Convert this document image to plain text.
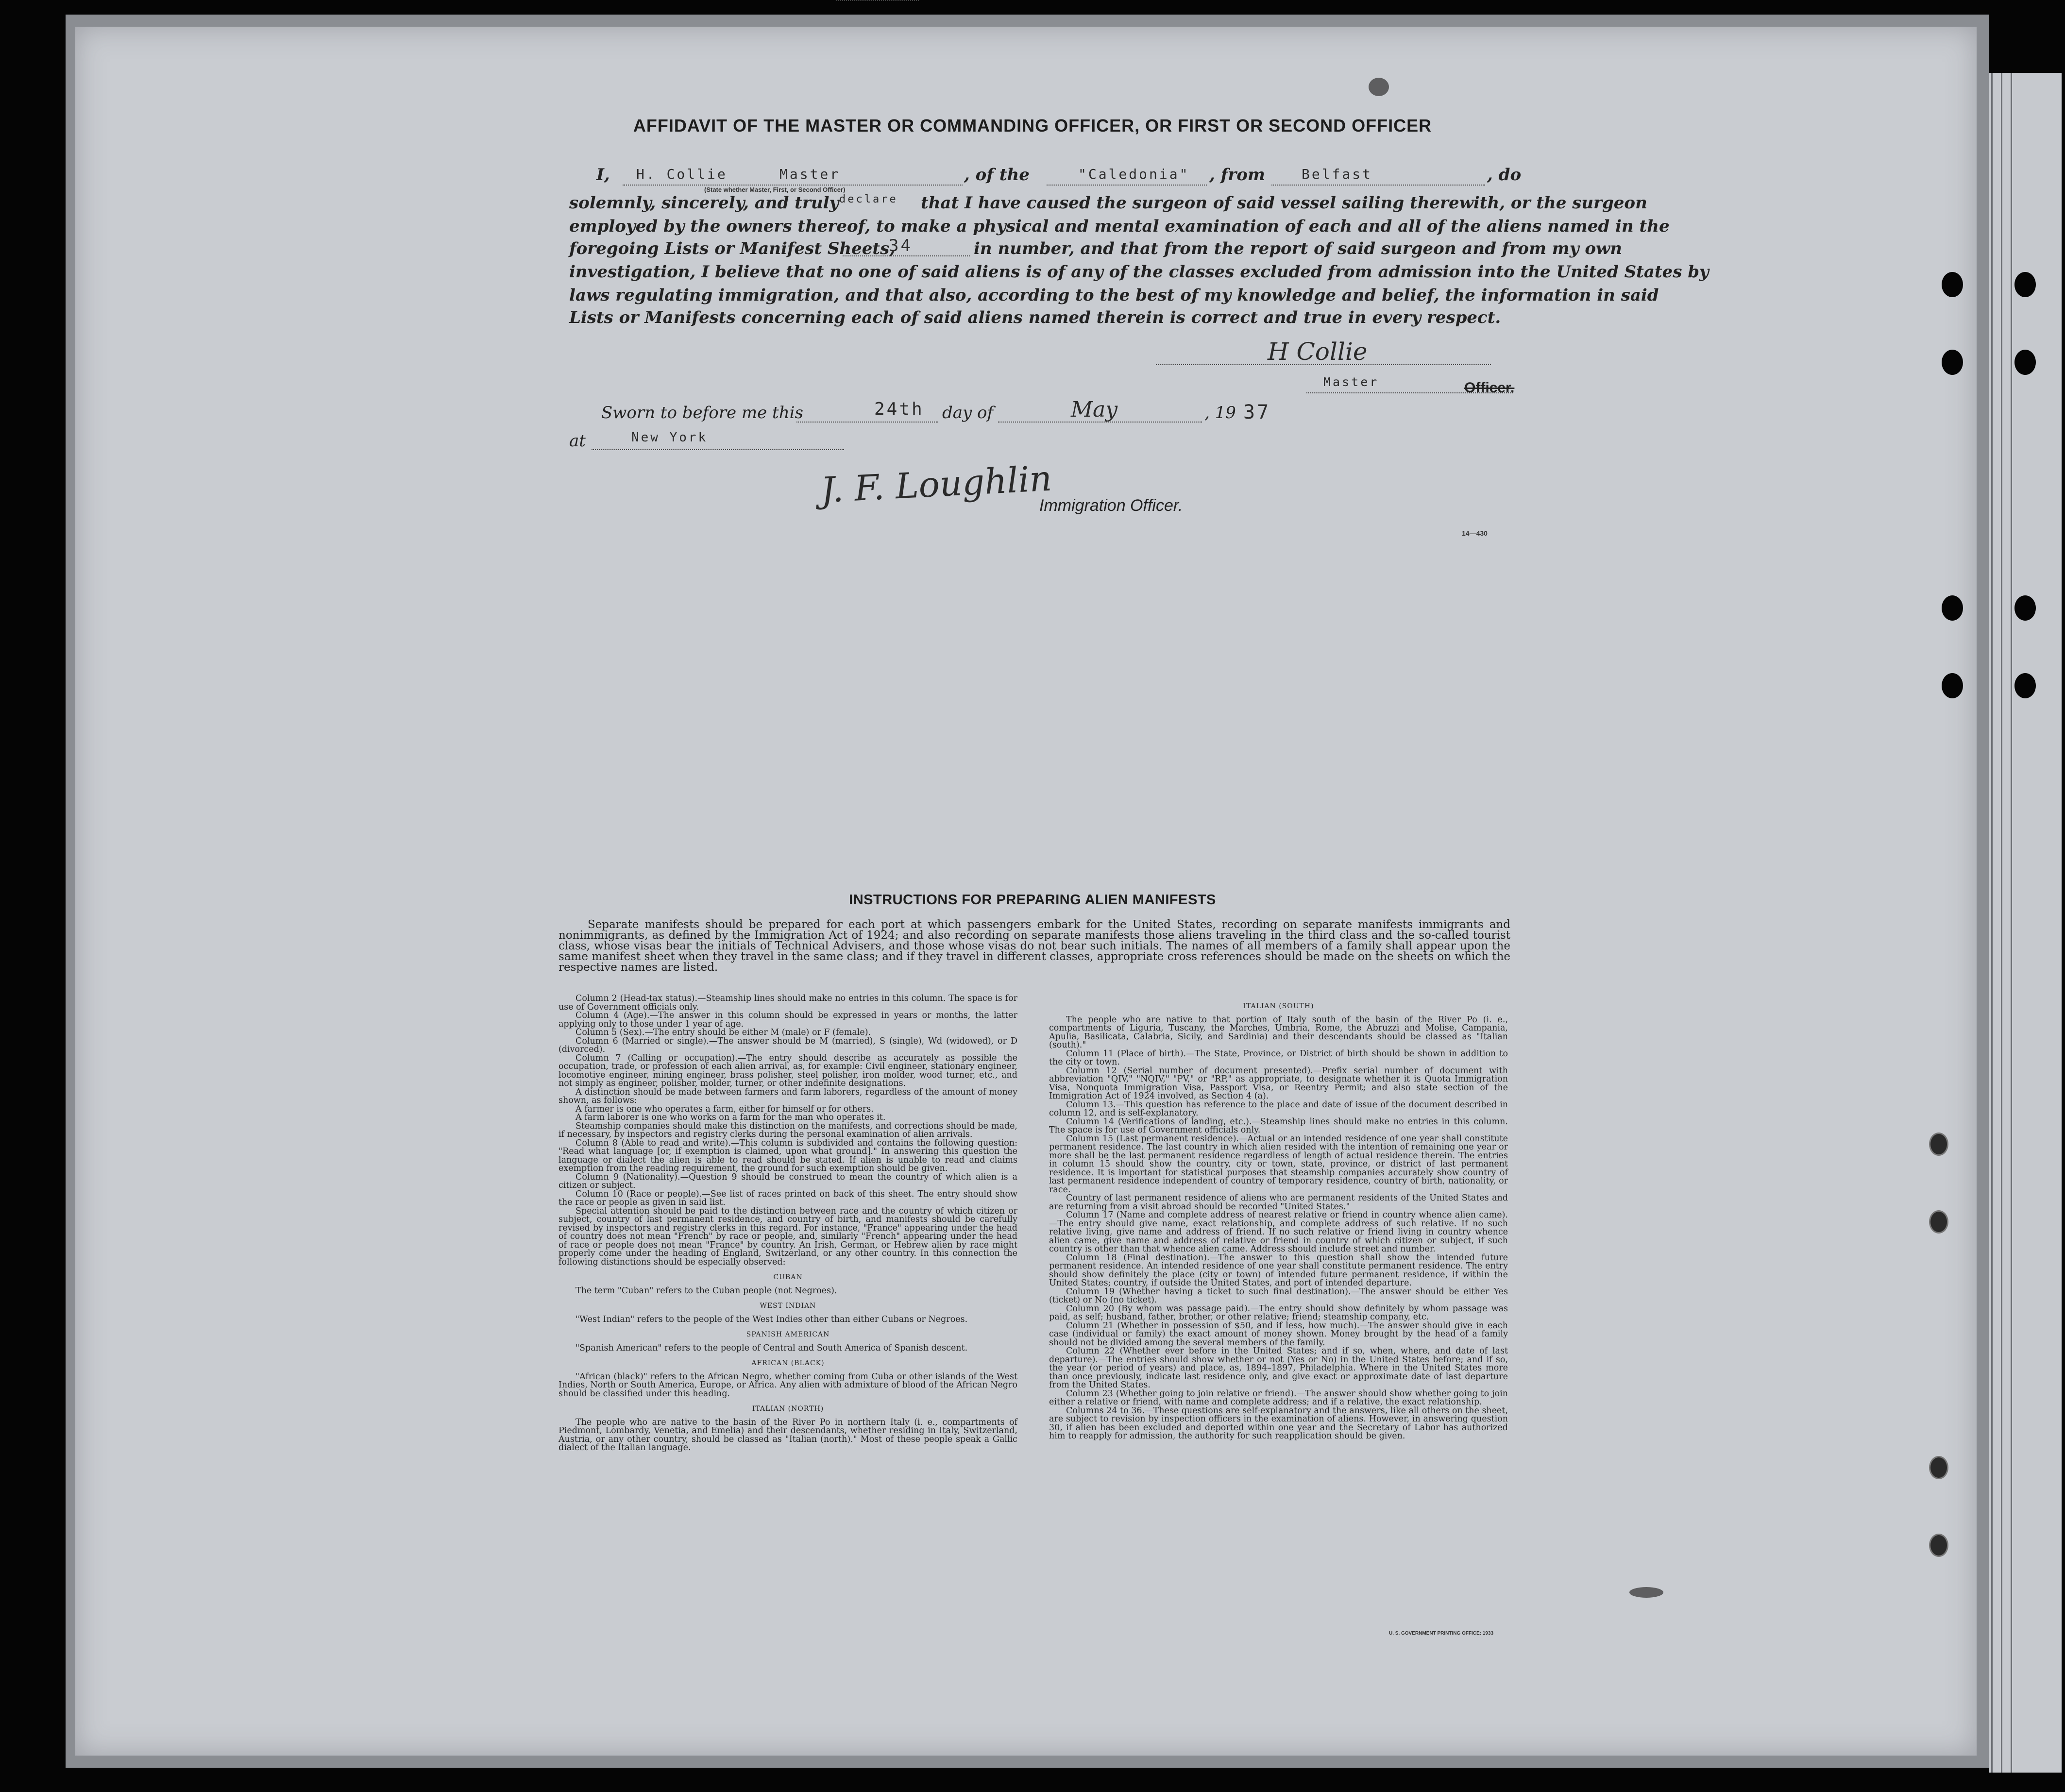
AFFIDAVIT OF THE MASTER OR COMMANDING OFFICER, OR FIRST OR SECOND OFFICER
I, H. Collie	Master
(State whether Master, First, or Second Officer)
, of the	"Caledonia" , from	Belfast	, do
solemnly, sincerely, and truly declare that I have caused the surgeon of said vessel sailing therewith, or the surgeon
employed by the owners thereof, to make a physical and mental examination of each and all of the aliens named in the
foregoing Lists or Manifest Sheets,
34	in number, and that from the report of said surgeon and from my own
investigation, I believe that no one of said aliens is of any of the classes excluded from admission into the United States by
laws regulating immigration, and that also, according to the best of my knowledge and belief, the information in said
Lists or Manifests concerning each of said aliens named therein is correct and true in every respect.
H Collie
Master	Officer.
Sworn to before me this	24th day of	May	, 19 37
at	New York
J. F. Loughlin
Immigration Officer.
14—430
INSTRUCTIONS FOR PREPARING ALIEN MANIFESTS
Separate manifests should be prepared for each port at which passengers embark for the United States, recording on separate manifests immigrants and nonimmigrants, as defined by the Immigration Act of 1924; and also recording on separate manifests those aliens traveling in the third class and the so-called tourist class, whose visas bear the initials of Technical Advisers, and those whose visas do not bear such initials. The names of all members of a family shall appear upon the same manifest sheet when they travel in the same class; and if they travel in different classes, appropriate cross references should be made on the sheets on which the respective names are listed.

Column 2 (Head-tax status).—Steamship lines should make no entries in this column. The space is for use of Government officials only.

Column 4 (Age).—The answer in this column should be expressed in years or months, the latter applying only to those under 1 year of age.

Column 5 (Sex).—The entry should be either M (male) or F (female).

Column 6 (Married or single).—The answer should be M (married), S (single), Wd (widowed), or D (divorced).

Column 7 (Calling or occupation).—The entry should describe as accurately as possible the occupation, trade, or profession of each alien arrival, as, for example: Civil engineer, stationary engineer, locomotive engineer, mining engineer, brass polisher, steel polisher, iron molder, wood turner, etc., and not simply as engineer, polisher, molder, turner, or other indefinite designations.

A distinction should be made between farmers and farm laborers, regardless of the amount of money shown, as follows:

A farmer is one who operates a farm, either for himself or for others.

A farm laborer is one who works on a farm for the man who operates it.

Steamship companies should make this distinction on the manifests, and corrections should be made, if necessary, by inspectors and registry clerks during the personal examination of alien arrivals.

Column 8 (Able to read and write).—This column is subdivided and contains the following question: "Read what language [or, if exemption is claimed, upon what ground]." In answering this question the language or dialect the alien is able to read should be stated. If alien is unable to read and claims exemption from the reading requirement, the ground for such exemption should be given.

Column 9 (Nationality).—Question 9 should be construed to mean the country of which alien is a citizen or subject.

Column 10 (Race or people).—See list of races printed on back of this sheet. The entry should show the race or people as given in said list.

Special attention should be paid to the distinction between race and the country of which citizen or subject, country of last permanent residence, and country of birth, and manifests should be carefully revised by inspectors and registry clerks in this regard. For instance, "France" appearing under the head of country does not mean "French" by race or people, and, similarly "French" appearing under the head of race or people does not mean "France" by country. An Irish, German, or Hebrew alien by race might properly come under the heading of England, Switzerland, or any other country. In this connection the following distinctions should be especially observed:

CUBAN

The term "Cuban" refers to the Cuban people (not Negroes).

WEST INDIAN

"West Indian" refers to the people of the West Indies other than either Cubans or Negroes.

SPANISH AMERICAN

"Spanish American" refers to the people of Central and South America of Spanish descent.

AFRICAN (BLACK)

"African (black)" refers to the African Negro, whether coming from Cuba or other islands of the West Indies, North or South America, Europe, or Africa. Any alien with admixture of blood of the African Negro should be classified under this heading.

ITALIAN (NORTH)

The people who are native to the basin of the River Po in northern Italy (i. e., compartments of Piedmont, Lombardy, Venetia, and Emelia) and their descendants, whether residing in Italy, Switzerland, Austria, or any other country, should be classed as "Italian (north)." Most of these people speak a Gallic dialect of the Italian language.

ITALIAN (SOUTH)

The people who are native to that portion of Italy south of the basin of the River Po (i. e., compartments of Liguria, Tuscany, the Marches, Umbria, Rome, the Abruzzi and Molise, Campania, Apulia, Basilicata, Calabria, Sicily, and Sardinia) and their descendants should be classed as "Italian (south)."

Column 11 (Place of birth).—The State, Province, or District of birth should be shown in addition to the city or town.

Column 12 (Serial number of document presented).—Prefix serial number of document with abbreviation "QIV," "NQIV," "PV," or "RP," as appropriate, to designate whether it is Quota Immigration Visa, Nonquota Immigration Visa, Passport Visa, or Reentry Permit; and also state section of the Immigration Act of 1924 involved, as Section 4 (a).

Column 13.—This question has reference to the place and date of issue of the document described in column 12, and is self-explanatory.

Column 14 (Verifications of landing, etc.).—Steamship lines should make no entries in this column. The space is for use of Government officials only.

Column 15 (Last permanent residence).—Actual or an intended residence of one year shall constitute permanent residence. The last country in which alien resided with the intention of remaining one year or more shall be the last permanent residence regardless of length of actual residence therein. The entries in column 15 should show the country, city or town, state, province, or district of last permanent residence. It is important for statistical purposes that steamship companies accurately show country of last permanent residence independent of country of temporary residence, country of birth, nationality, or race.

Country of last permanent residence of aliens who are permanent residents of the United States and are returning from a visit abroad should be recorded "United States."

Column 17 (Name and complete address of nearest relative or friend in country whence alien came).—The entry should give name, exact relationship, and complete address of such relative. If no such relative living, give name and address of friend. If no such relative or friend living in country whence alien came, give name and address of relative or friend in country of which citizen or subject, if such country is other than that whence alien came. Address should include street and number.

Column 18 (Final destination).—The answer to this question shall show the intended future permanent residence. An intended residence of one year shall constitute permanent residence. The entry should show definitely the place (city or town) of intended future permanent residence, if within the United States; country, if outside the United States, and port of intended departure.

Column 19 (Whether having a ticket to such final destination).—The answer should be either Yes (ticket) or No (no ticket).

Column 20 (By whom was passage paid).—The entry should show definitely by whom passage was paid, as self; husband, father, brother, or other relative; friend; steamship company, etc.

Column 21 (Whether in possession of $50, and if less, how much).—The answer should give in each case (individual or family) the exact amount of money shown. Money brought by the head of a family should not be divided among the several members of the family.

Column 22 (Whether ever before in the United States; and if so, when, where, and date of last departure).—The entries should show whether or not (Yes or No) in the United States before; and if so, the year (or period of years) and place, as, 1894–1897, Philadelphia. Where in the United States more than once previously, indicate last residence only, and give exact or approximate date of last departure from the United States.

Column 23 (Whether going to join relative or friend).—The answer should show whether going to join either a relative or friend, with name and complete address; and if a relative, the exact relationship.

Columns 24 to 36.—These questions are self-explanatory and the answers, like all others on the sheet, are subject to revision by inspection officers in the examination of aliens. However, in answering question 30, if alien has been excluded and deported within one year and the Secretary of Labor has authorized him to reapply for admission, the authority for such reapplication should be given.

U. S. GOVERNMENT PRINTING OFFICE: 1933
